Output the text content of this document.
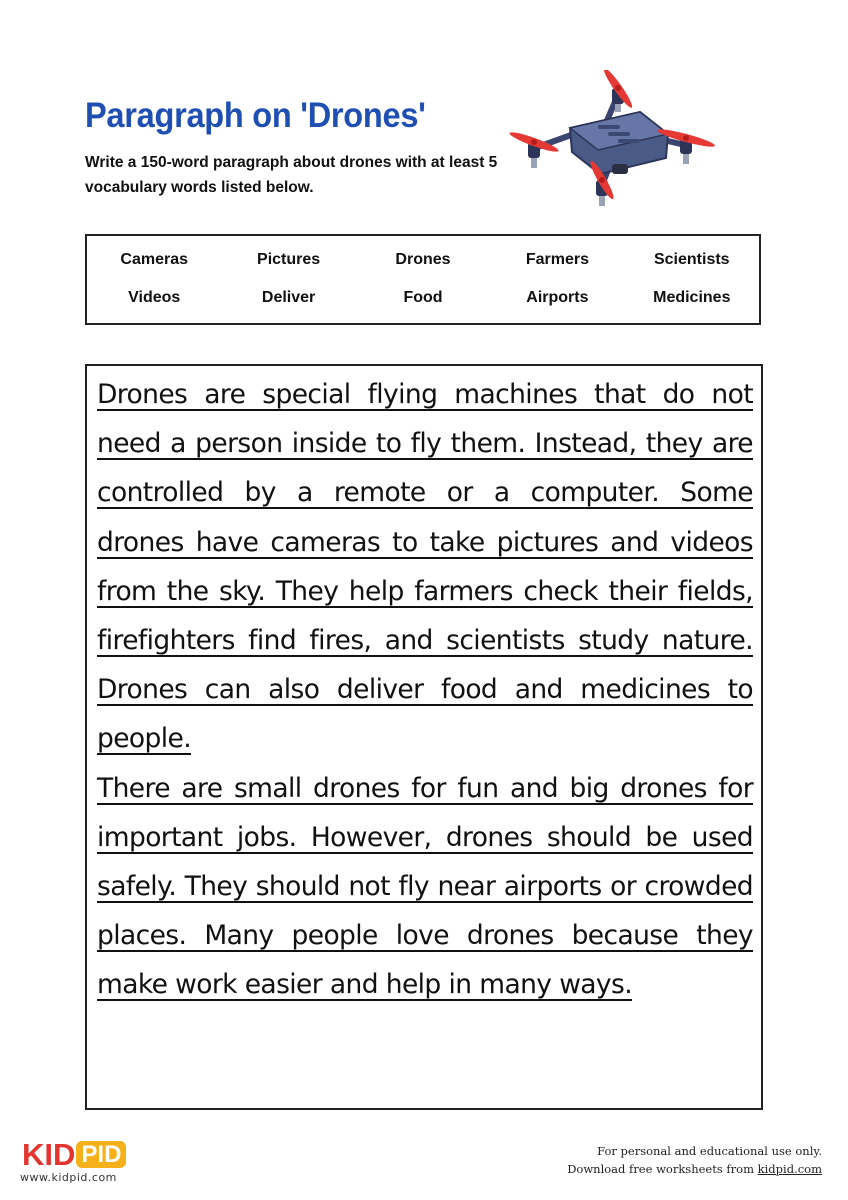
Paragraph on 'Drones'
Write a 150-word paragraph about drones with at least 5 vocabulary words listed below.
Cameras	Pictures	Drones	Farmers	Scientists
Videos	Deliver	Food	Airports	Medicines

Drones are special flying machines that do not need a person inside to fly them. Instead, they are controlled by a remote or a computer. Some drones have cameras to take pictures and videos from the sky. They help farmers check their fields, firefighters find fires, and scientists study nature. Drones can also deliver food and medicines to people.

There are small drones for fun and big drones for important jobs. However, drones should be used safely. They should not fly near airports or crowded places. Many people love drones because they make work easier and help in many ways.

KID PID
www.kidpid.com
For personal and educational use only.
Download free worksheets from kidpid.com
